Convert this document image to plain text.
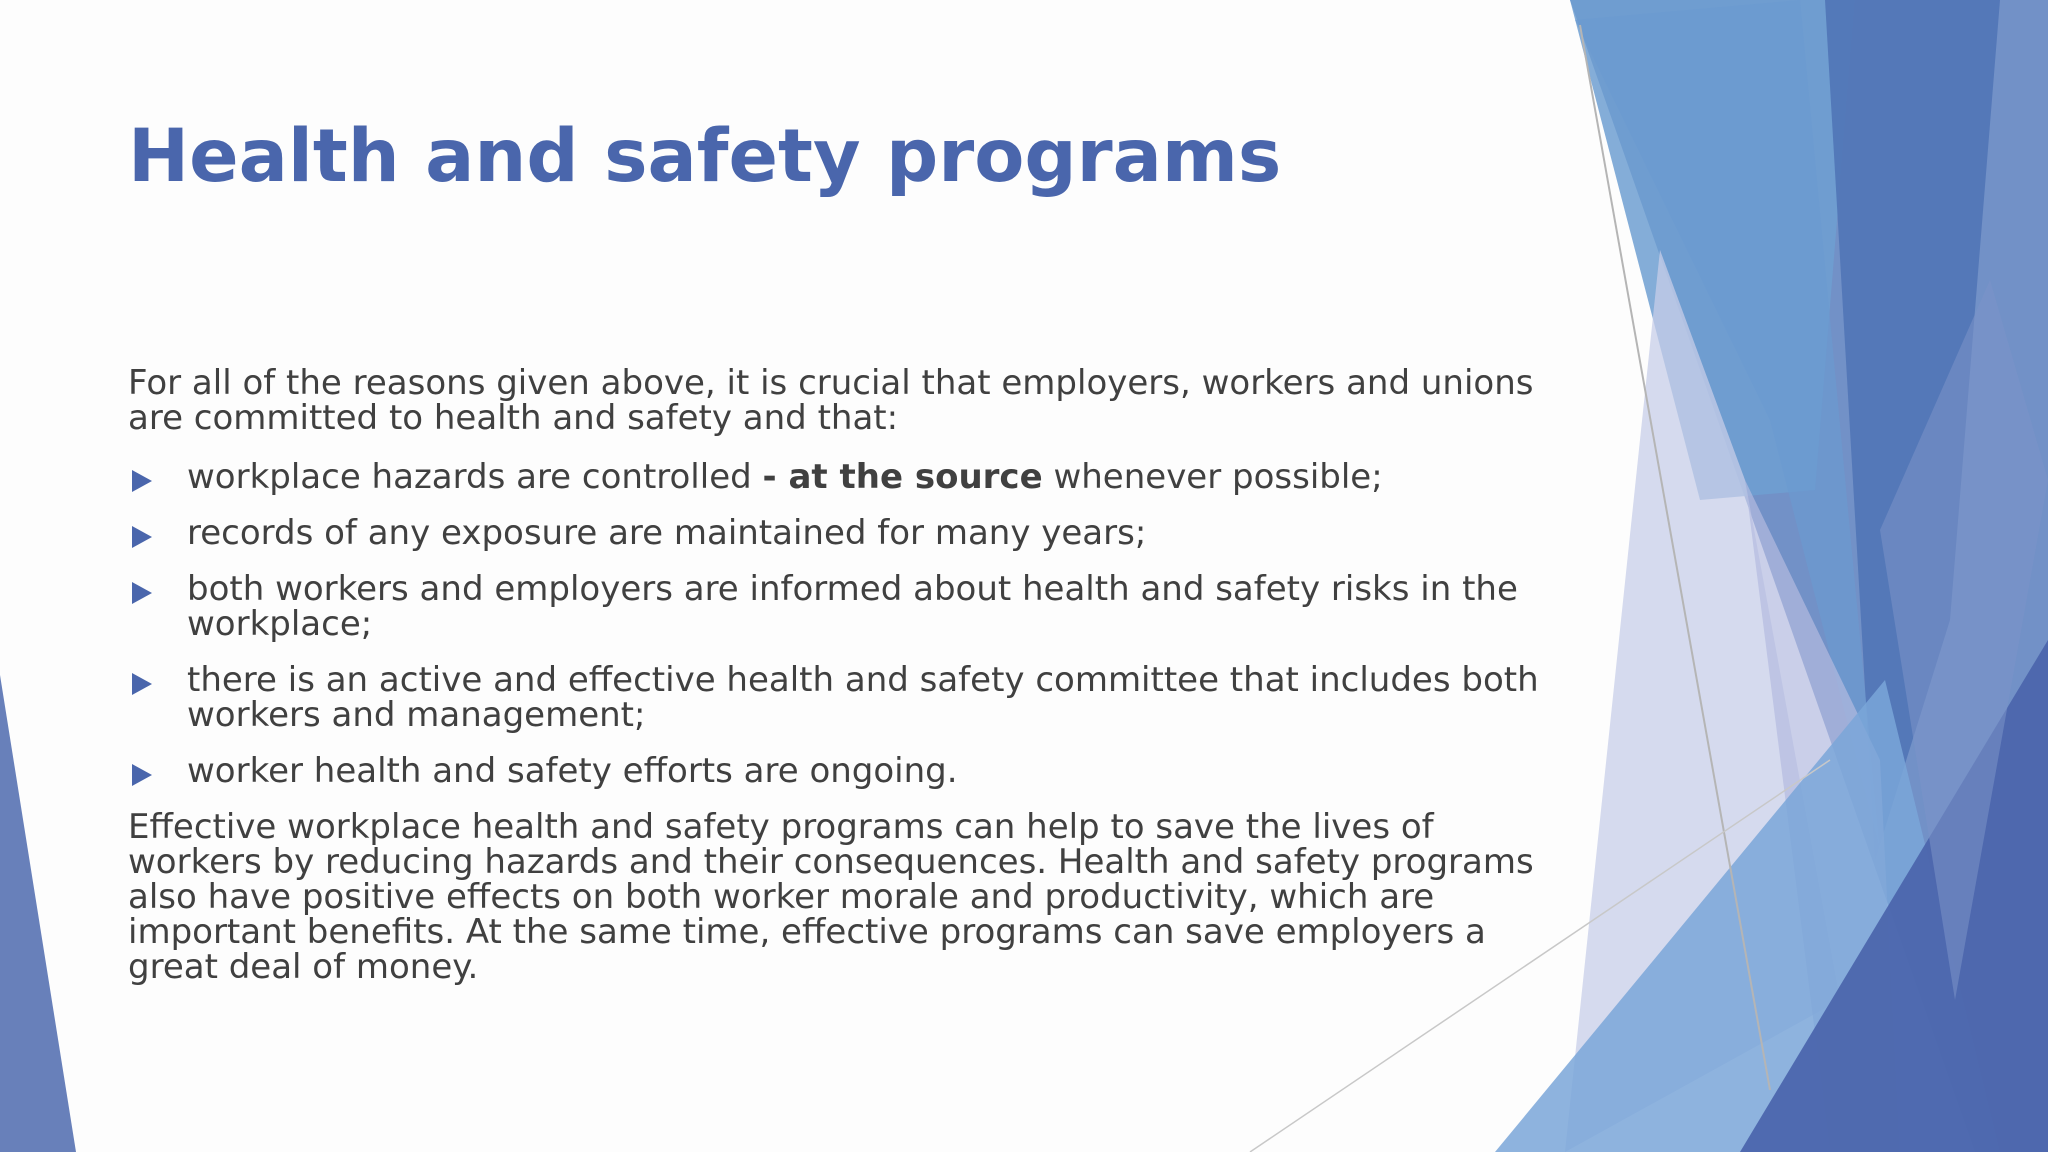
Health and safety programs

For all of the reasons given above, it is crucial that employers, workers and unions are committed to health and safety and that:

workplace hazards are controlled - at the source whenever possible;
records of any exposure are maintained for many years;
both workers and employers are informed about health and safety risks in the workplace;
there is an active and effective health and safety committee that includes both workers and management;
worker health and safety efforts are ongoing.

Effective workplace health and safety programs can help to save the lives of workers by reducing hazards and their consequences. Health and safety programs also have positive effects on both worker morale and productivity, which are important benefits. At the same time, effective programs can save employers a great deal of money.
